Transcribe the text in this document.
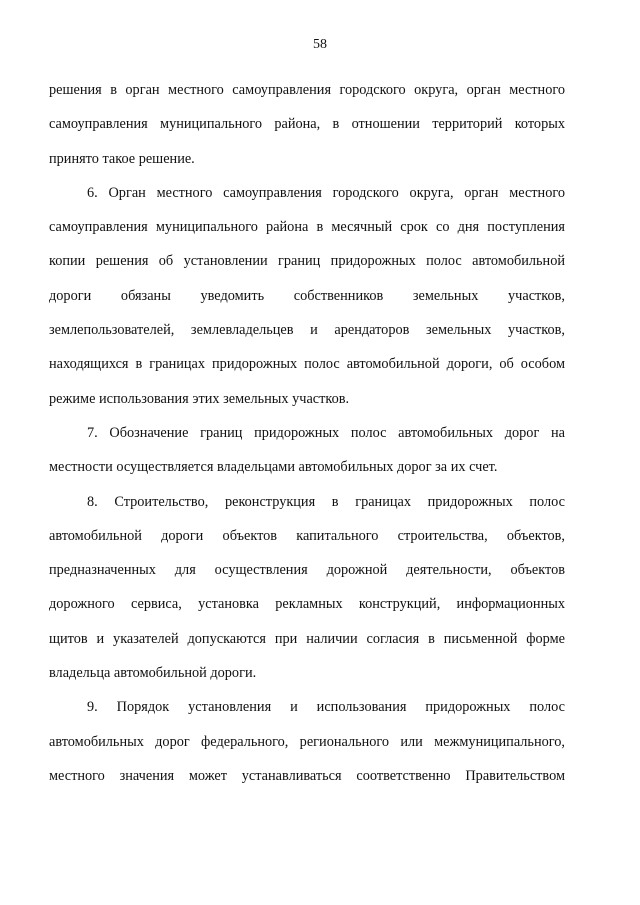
58
решения в орган местного самоуправления городского округа, орган местного
самоуправления муниципального района, в отношении территорий которых
принято такое решение.
6. Орган местного самоуправления городского округа, орган местного
самоуправления муниципального района в месячный срок со дня поступления
копии решения об установлении границ придорожных полос автомобильной
дороги обязаны уведомить собственников земельных участков,
землепользователей, землевладельцев и арендаторов земельных участков,
находящихся в границах придорожных полос автомобильной дороги, об особом
режиме использования этих земельных участков.
7. Обозначение границ придорожных полос автомобильных дорог на
местности осуществляется владельцами автомобильных дорог за их счет.
8. Строительство, реконструкция в границах придорожных полос
автомобильной дороги объектов капитального строительства, объектов,
предназначенных для осуществления дорожной деятельности, объектов
дорожного сервиса, установка рекламных конструкций, информационных
щитов и указателей допускаются при наличии согласия в письменной форме
владельца автомобильной дороги.
9. Порядок установления и использования придорожных полос
автомобильных дорог федерального, регионального или межмуниципального,
местного значения может устанавливаться соответственно Правительством
